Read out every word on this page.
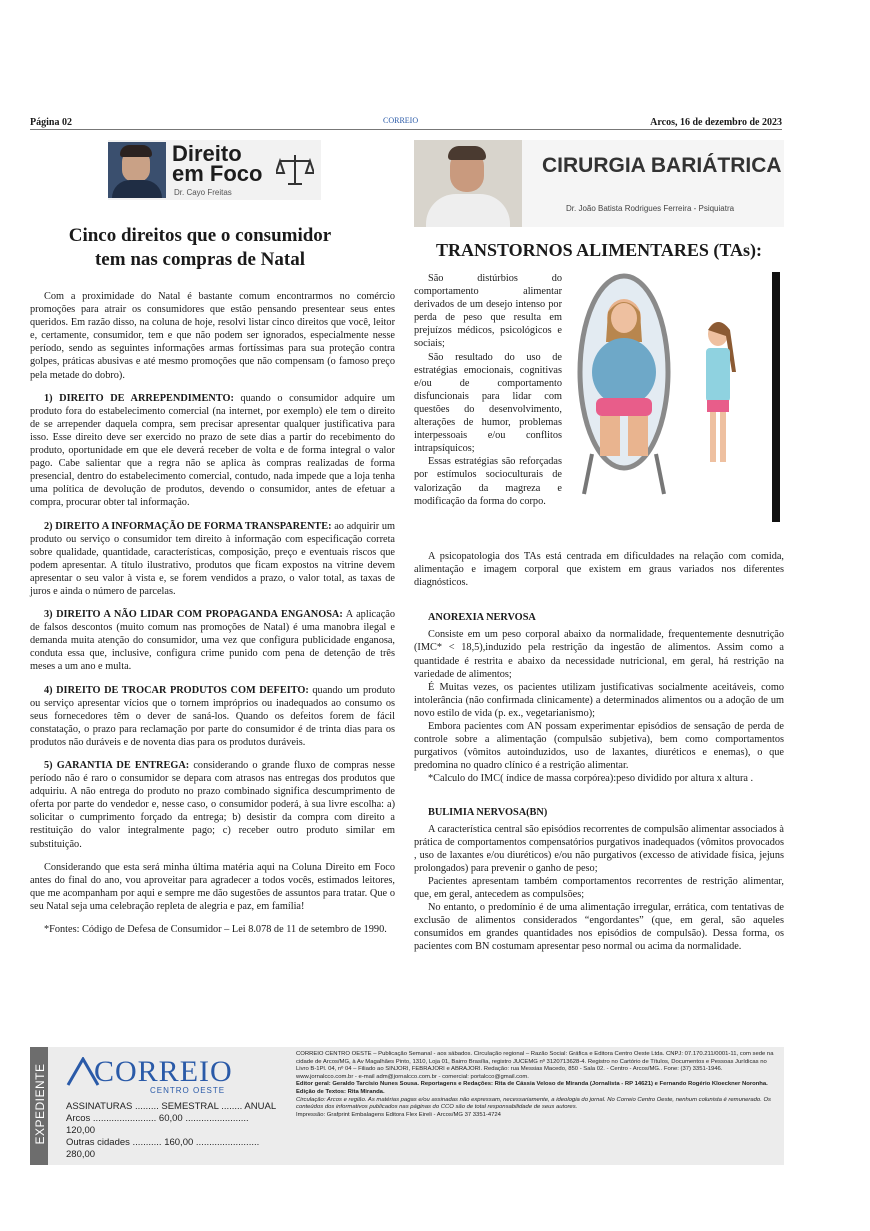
Página 02	CORREIO	Arcos, 16 de dezembro de 2023
Direito
em Foco
Dr. Cayo Freitas
CIRURGIA BARIÁTRICA
Dr. João Batista Rodrigues Ferreira - Psiquiatra
Cinco direitos que o consumidor
tem nas compras de Natal

Com a proximidade do Natal é bastante comum encontrarmos no comércio promoções para atrair os consumidores que estão pensando presentear seus entes queridos. Em razão disso, na coluna de hoje, resolvi listar cinco direitos que você, leitor e, certamente, consumidor, tem e que não podem ser ignorados, especialmente nesse período, sendo as seguintes informações armas fortíssimas para sua proteção contra golpes, práticas abusivas e até mesmo promoções que não compensam (o famoso preço pela metade do dobro).

1) DIREITO DE ARREPENDIMENTO: quando o consumidor adquire um produto fora do estabelecimento comercial (na internet, por exemplo) ele tem o direito de se arrepender daquela compra, sem precisar apresentar qualquer justificativa para isso. Esse direito deve ser exercido no prazo de sete dias a partir do recebimento do produto, oportunidade em que ele deverá receber de volta e de forma integral o valor pago. Cabe salientar que a regra não se aplica às compras realizadas de forma presencial, dentro do estabelecimento comercial, contudo, nada impede que a loja tenha uma política de devolução de produtos, devendo o consumidor, antes de efetuar a compra, procurar obter tal informação.

2) DIREITO A INFORMAÇÃO DE FORMA TRANSPARENTE: ao adquirir um produto ou serviço o consumidor tem direito à informação com especificação correta sobre qualidade, quantidade, características, composição, preço e eventuais riscos que podem apresentar. A título ilustrativo, produtos que ficam expostos na vitrine devem apresentar o seu valor à vista e, se forem vendidos a prazo, o valor total, as taxas de juros e ainda o número de parcelas.

3) DIREITO A NÃO LIDAR COM PROPAGANDA ENGANOSA: A aplicação de falsos descontos (muito comum nas promoções de Natal) é uma manobra ilegal e demanda muita atenção do consumidor, uma vez que configura publicidade enganosa, conduta essa que, inclusive, configura crime punido com pena de detenção de três meses a um ano e multa.

4) DIREITO DE TROCAR PRODUTOS COM DEFEITO: quando um produto ou serviço apresentar vícios que o tornem impróprios ou inadequados ao consumo os seus fornecedores têm o dever de saná-los. Quando os defeitos forem de fácil constatação, o prazo para reclamação por parte do consumidor é de trinta dias para os produtos não duráveis e de noventa dias para os produtos duráveis.

5) GARANTIA DE ENTREGA: considerando o grande fluxo de compras nesse período não é raro o consumidor se depara com atrasos nas entregas dos produtos que adquiriu. A não entrega do produto no prazo combinado significa descumprimento de oferta por parte do vendedor e, nesse caso, o consumidor poderá, à sua livre escolha: a) solicitar o cumprimento forçado da entrega; b) desistir da compra com direito a restituição do valor integralmente pago; c) receber outro produto similar em substituição.

Considerando que esta será minha última matéria aqui na Coluna Direito em Foco antes do final do ano, vou aproveitar para agradecer a todos vocês, estimados leitores, que me acompanham por aqui e sempre me dão sugestões de assuntos para tratar. Que o seu Natal seja uma celebração repleta de alegria e paz, em família!

*Fontes: Código de Defesa de Consumidor – Lei 8.078 de 11 de setembro de 1990.

TRANSTORNOS ALIMENTARES (TAs):

São distúrbios do comportamento alimentar derivados de um desejo intenso por perda de peso que resulta em prejuízos médicos, psicológicos e sociais;

São resultado do uso de estratégias emocionais, cognitivas e/ou de comportamento disfuncionais para lidar com questões do desenvolvimento, alterações de humor, problemas interpessoais e/ou conflitos intrapsíquicos;

Essas estratégias são reforçadas por estímulos socioculturais de valorização da magreza e modificação da forma do corpo.

A psicopatologia dos TAs está centrada em dificuldades na relação com comida, alimentação e imagem corporal que existem em graus variados nos diferentes diagnósticos.

ANOREXIA NERVOSA

Consiste em um peso corporal abaixo da normalidade, frequentemente desnutrição (IMC* < 18,5),induzido pela restrição da ingestão de alimentos. Assim como a quantidade é restrita e abaixo da necessidade nutricional, em geral, há restrição na variedade de alimentos;

É Muitas vezes, os pacientes utilizam justificativas socialmente aceitáveis, como intolerância (não confirmada clinicamente) a determinados alimentos ou a adoção de um novo estilo de vida (p. ex., vegetarianismo);

Embora pacientes com AN possam experimentar episódios de sensação de perda de controle sobre a alimentação (compulsão subjetiva), bem como comportamentos purgativos (vômitos autoinduzidos, uso de laxantes, diuréticos e enemas), o que predomina no quadro clínico é a restrição alimentar.

*Calculo do IMC( índice de massa corpórea):peso dividido por altura x altura .

BULIMIA NERVOSA(BN)

A característica central são episódios recorrentes de compulsão alimentar associados à prática de comportamentos compensatórios purgativos inadequados (vômitos provocados , uso de laxantes e/ou diuréticos) e/ou não purgativos (excesso de atividade física, jejuns prolongados) para prevenir o ganho de peso;

Pacientes apresentam também comportamentos recorrentes de restrição alimentar, que, em geral, antecedem as compulsões;

No entanto, o predomínio é de uma alimentação irregular, errática, com tentativas de exclusão de alimentos considerados “engordantes” (que, em geral, são aqueles consumidos em grandes quantidades nos episódios de compulsão). Dessa forma, os pacientes com BN costumam apresentar peso normal ou acima da normalidade.

EXPEDIENTE CORREIO
CENTRO OESTE
ASSINATURAS ......... SEMESTRAL ........ ANUAL
Arcos ........................ 60,00 ........................ 120,00
Outras cidades ........... 160,00 ........................ 280,00
CORREIO CENTRO OESTE – Publicação Semanal - aos sábados. Circulação regional – Razão Social: Gráfica e Editora Centro Oeste Ltda. CNPJ: 07.170.211/0001-11, com sede na cidade de Arcos/MG, à Av Magalhães Pinto, 1310, Loja 01, Bairro Brasília, registro JUCEMG nº 3120713628-4. Registro no Cartório de Títulos, Documentos e Pessoas Jurídicas no Livro B-1Pl. 04, nº 04 – Filiado ao SINJORI, FEBRAJORI e ABRAJORI. Redação: rua Messias Macedo, 850 - Sala 02. - Centro - Arcos/MG.. Fone: (37) 3351-1946.
www.jornalcco.com.br - e-mail adm@jornalcco.com.br - comercial: portalcco@gmail.com.
Editor geral: Geraldo Tarcísio Nunes Sousa. Reportagens e Redações: Rita de Cássia Veloso de Miranda (Jornalista - RP 14621) e Fernando Rogério Kloeckner Noronha. Edição de Textos: Rita Miranda.
Circulação: Arcos e região. As matérias pagas e/ou assinadas não expressam, necessariamente, a ideologia do jornal. No Correio Centro Oeste, nenhum colunista é remunerado. Os conteúdos dos informativos publicados nas páginas do CCO são de total responsabilidade de seus autores.
Impressão: Grafprint Embalagens Editora Flex Eireli - Arcos/MG 37 3351-4724
